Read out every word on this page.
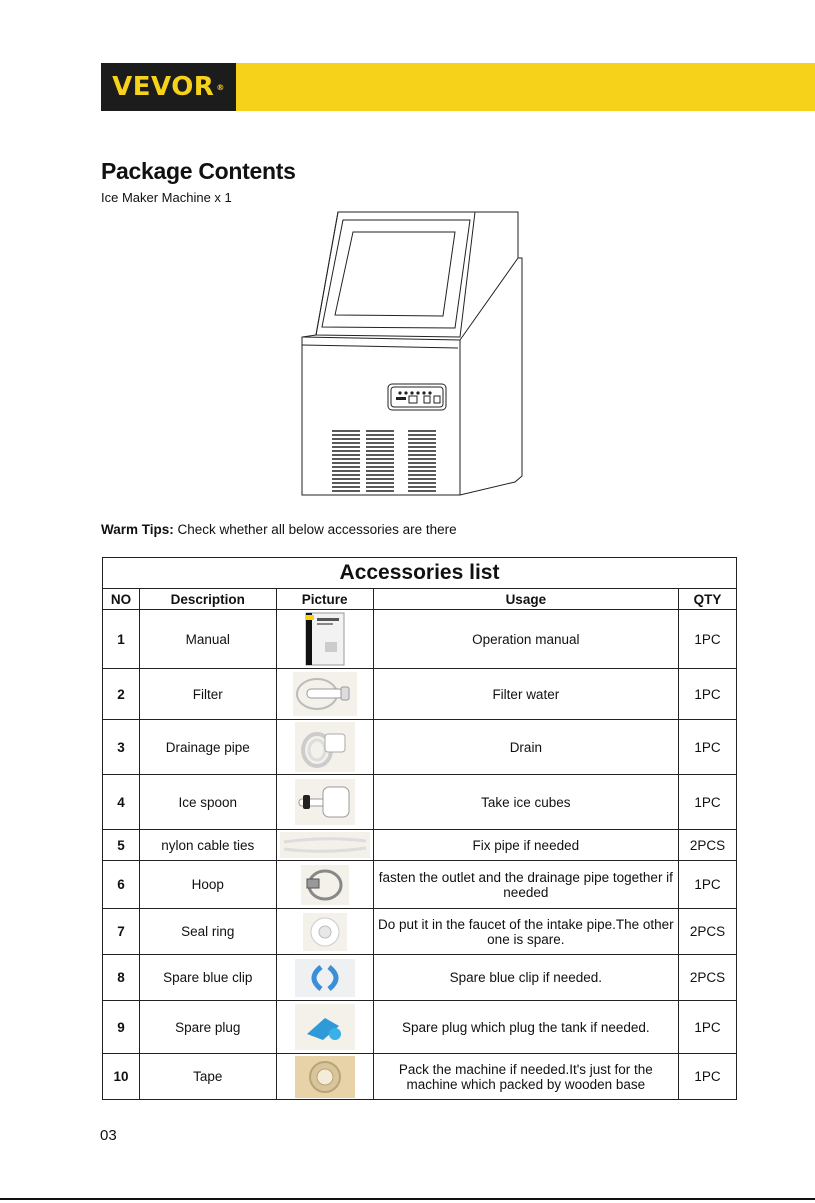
VEVOR ®
Package Contents
Ice Maker Machine x 1
Warm Tips: Check whether all below accessories are there
Accessories list				
NO	Description	Picture	Usage	QTY
1	Manual		Operation manual	1PC
2	Filter		Filter water	1PC
3	Drainage pipe		Drain	1PC
4	Ice spoon		Take ice cubes	1PC
5	nylon cable ties		Fix pipe if needed	2PCS
6	Hoop		fasten the outlet and the drainage pipe together if needed	1PC
7	Seal ring		Do put it in the faucet of the intake pipe.The other one is spare.	2PCS
8	Spare blue clip		Spare blue clip if needed.	2PCS
9	Spare plug		Spare plug which plug the tank if needed.	1PC
10	Tape		Pack the machine if needed.It's just for the machine which packed by wooden base	1PC
03
